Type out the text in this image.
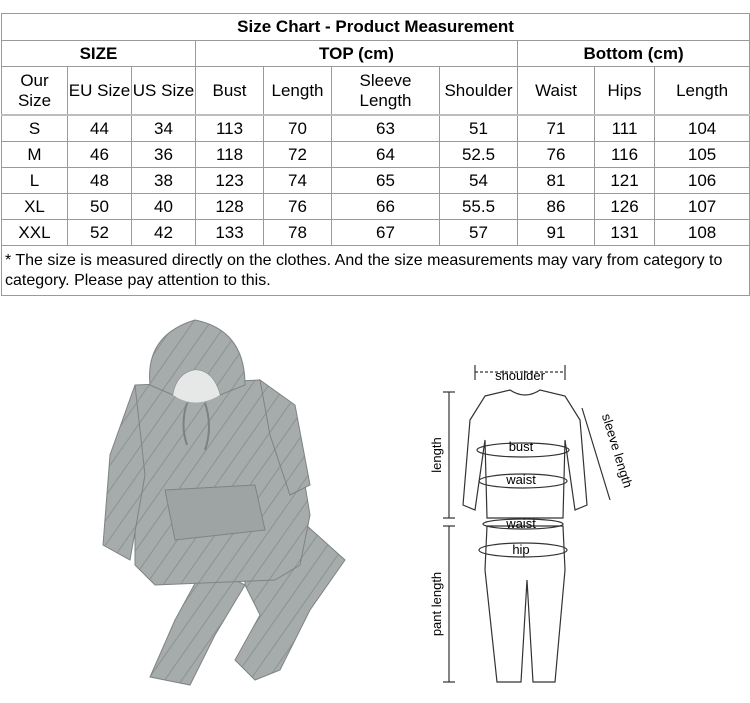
Size Chart - Product Measurement									
SIZE			TOP (cm)				Bottom (cm)		
Our Size	EU Size	US Size	Bust	Length	Sleeve Length	Shoulder	Waist	Hips	Length
S	44	34	113	70	63	51	71	111	104
M	46	36	118	72	64	52.5	76	116	105
L	48	38	123	74	65	54	81	121	106
XL	50	40	128	76	66	55.5	86	126	107
XXL	52	42	133	78	67	57	91	131	108
* The size is measured directly on the clothes. And the size measurements may vary from category to category. Please pay attention to this.									
shoulder
bust
waist
waist
hip
length
pant length
sleeve length
